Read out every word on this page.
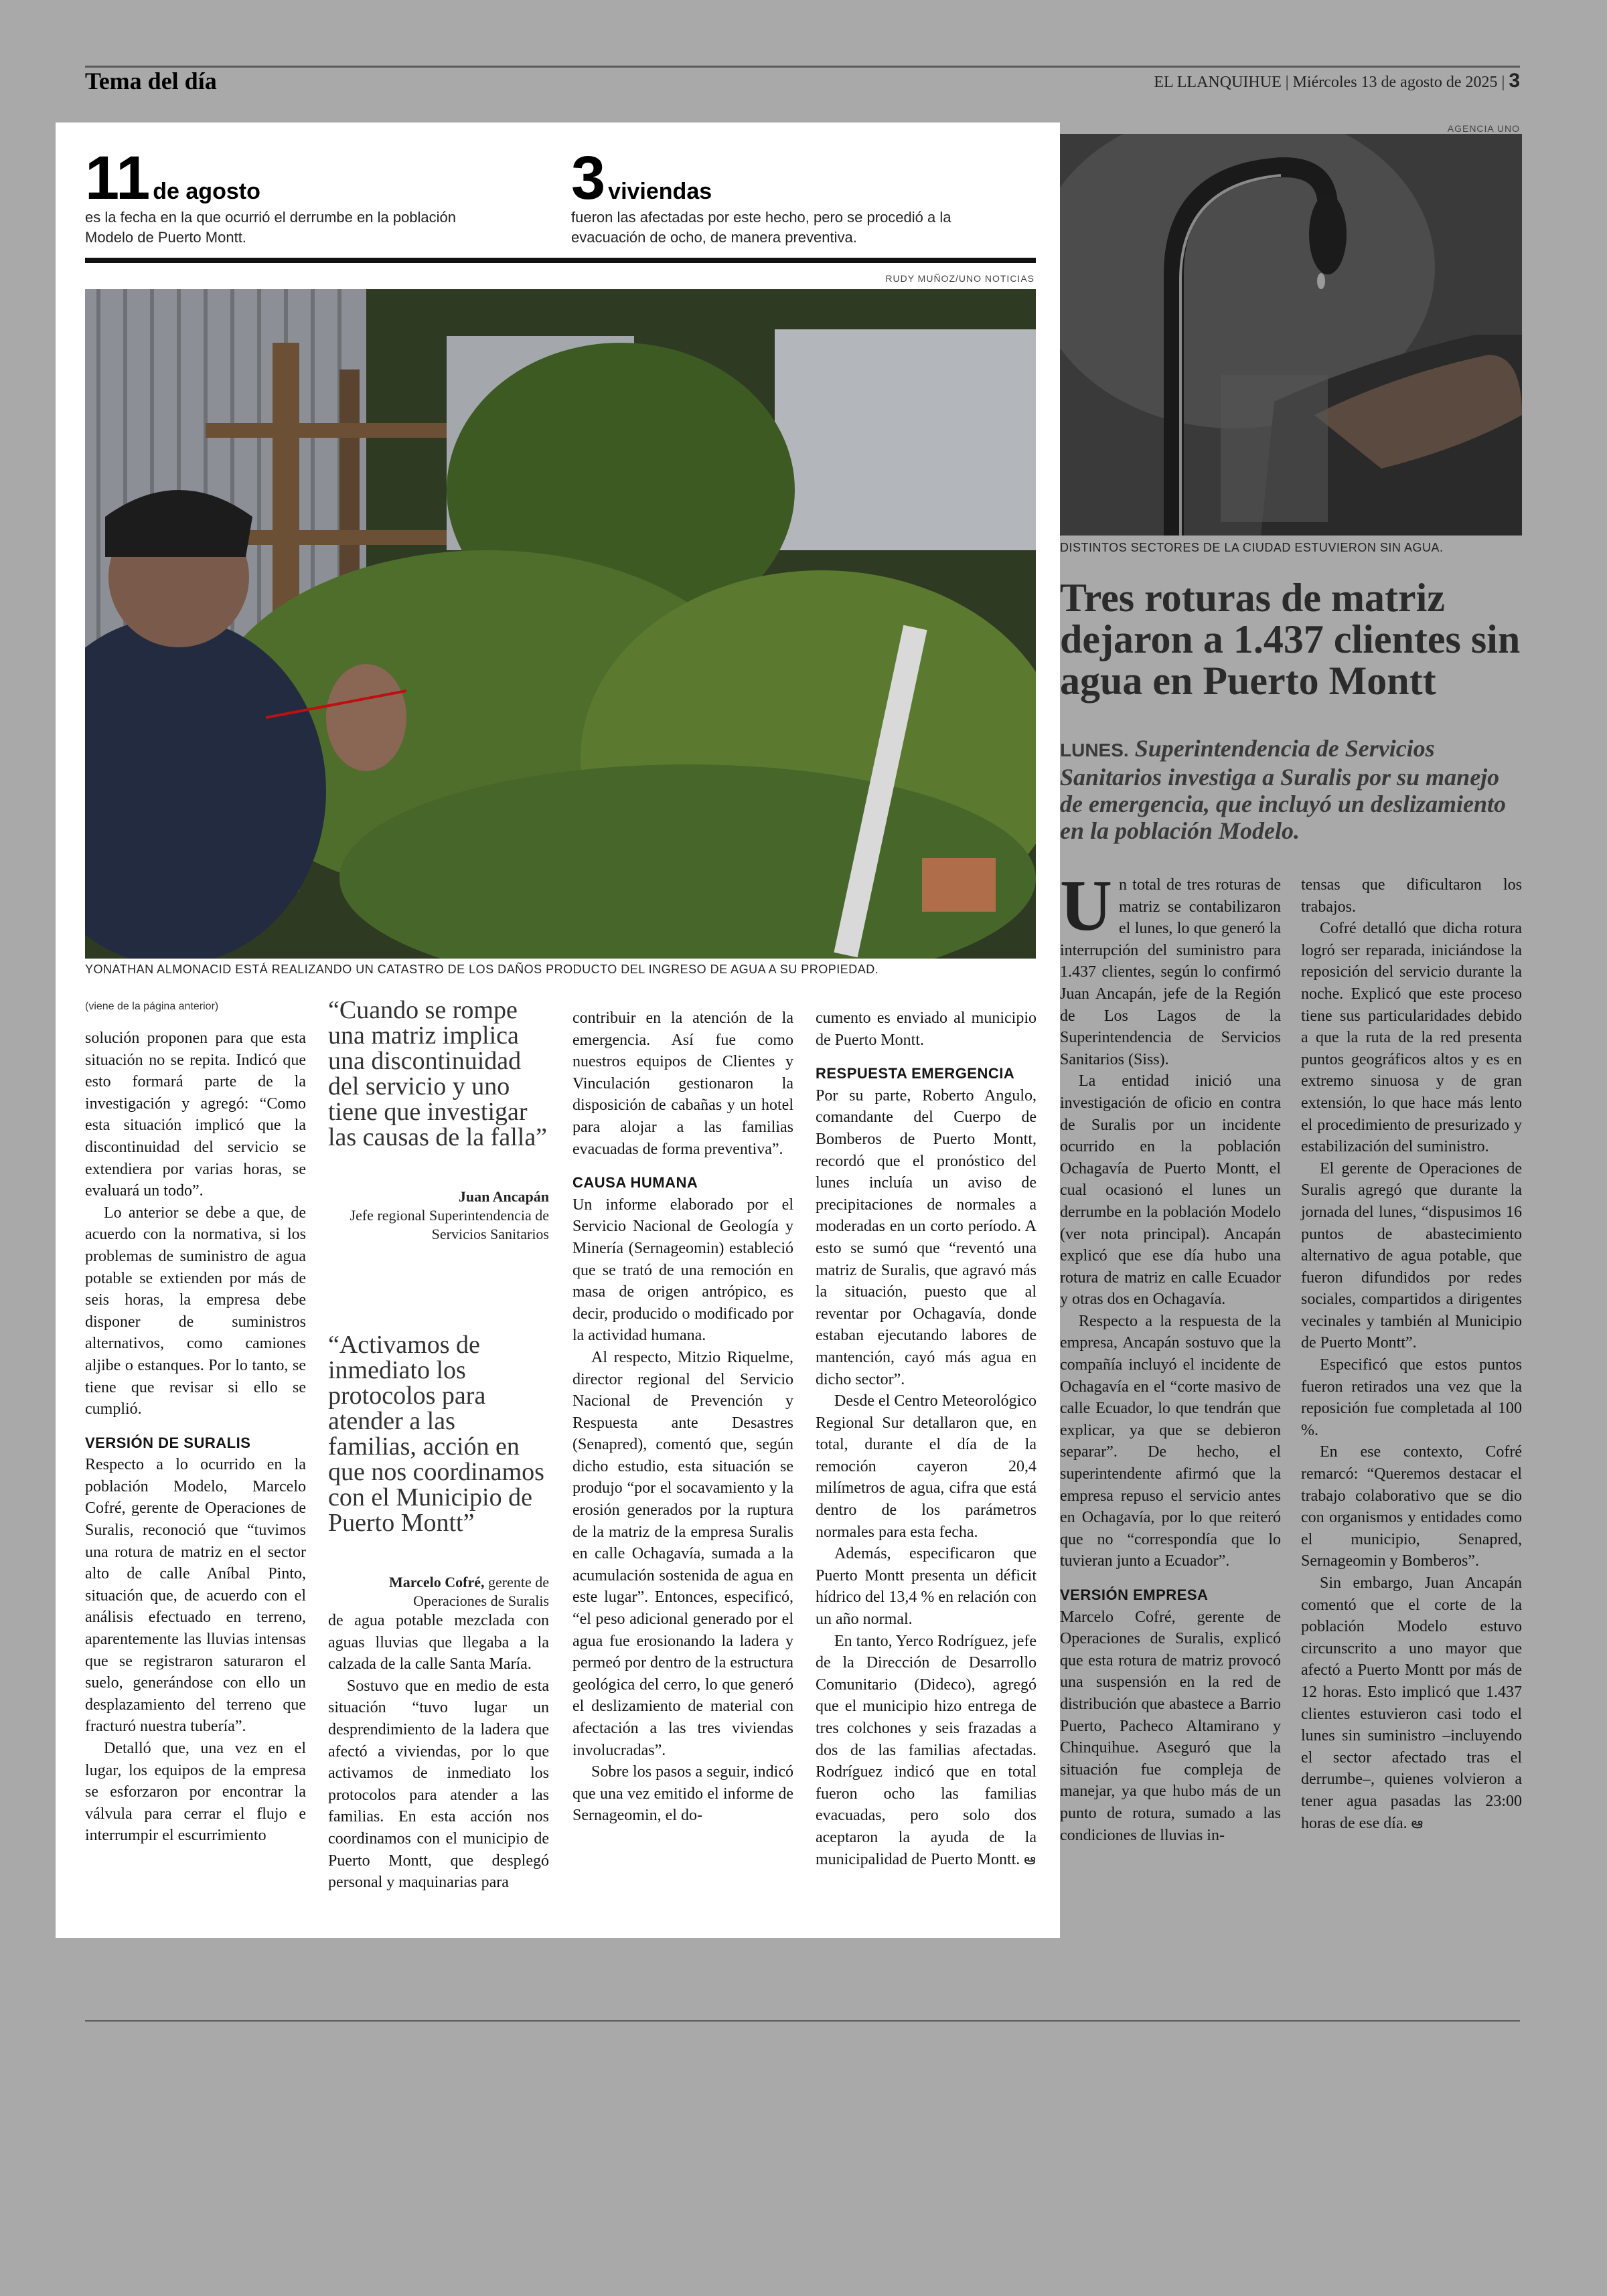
Tema del día	EL LLANQUIHUE | Miércoles 13 de agosto de 2025 | 3
11 de agosto
es la fecha en la que ocurrió el derrumbe en la población Modelo de Puerto Montt.
3 viviendas
fueron las afectadas por este hecho, pero se procedió a la evacuación de ocho, de manera preventiva.
RUDY MUÑOZ/UNO NOTICIAS
YONATHAN ALMONACID ESTÁ REALIZANDO UN CATASTRO DE LOS DAÑOS PRODUCTO DEL INGRESO DE AGUA A SU PROPIEDAD.
(viene de la página anterior)

solución proponen para que esta situación no se repita. Indicó que esto formará parte de la investigación y agregó: “Como esta situación implicó que la discontinuidad del servicio se extendiera por varias horas, se evaluará un todo”.

Lo anterior se debe a que, de acuerdo con la normativa, si los problemas de suministro de agua potable se extienden por más de seis horas, la empresa debe disponer de suministros alternativos, como camiones aljibe o estanques. Por lo tanto, se tiene que revisar si ello se cumplió.

VERSIÓN DE SURALIS

Respecto a lo ocurrido en la población Modelo, Marcelo Cofré, gerente de Operaciones de Suralis, reconoció que “tuvimos una rotura de matriz en el sector alto de calle Aníbal Pinto, situación que, de acuerdo con el análisis efectuado en terreno, aparentemente las lluvias intensas que se registraron saturaron el suelo, generándose con ello un desplazamiento del terreno que fracturó nuestra tubería”.

Detalló que, una vez en el lugar, los equipos de la empresa se esforzaron por encontrar la válvula para cerrar el flujo e interrumpir el escurrimiento

“Cuando se rompe una matriz implica una discontinuidad del servicio y uno tiene que investigar las causas de la falla”
Juan Ancapán
Jefe regional Superintendencia de Servicios Sanitarios
“Activamos de inmediato los protocolos para atender a las familias, acción en que nos coordinamos con el Municipio de Puerto Montt”
Marcelo Cofré, gerente de Operaciones de Suralis

de agua potable mezclada con aguas lluvias que llegaba a la calzada de la calle Santa María.

Sostuvo que en medio de esta situación “tuvo lugar un desprendimiento de la ladera que afectó a viviendas, por lo que activamos de inmediato los protocolos para atender a las familias. En esta acción nos coordinamos con el municipio de Puerto Montt, que desplegó personal y maquinarias para

contribuir en la atención de la emergencia. Así fue como nuestros equipos de Clientes y Vinculación gestionaron la disposición de cabañas y un hotel para alojar a las familias evacuadas de forma preventiva”.

CAUSA HUMANA

Un informe elaborado por el Servicio Nacional de Geología y Minería (Sernageomin) estableció que se trató de una remoción en masa de origen antrópico, es decir, producido o modificado por la actividad humana.

Al respecto, Mitzio Riquelme, director regional del Servicio Nacional de Prevención y Respuesta ante Desastres (Senapred), comentó que, según dicho estudio, esta situación se produjo “por el socavamiento y la erosión generados por la ruptura de la matriz de la empresa Suralis en calle Ochagavía, sumada a la acumulación sostenida de agua en este lugar”. Entonces, especificó, “el peso adicional generado por el agua fue erosionando la ladera y permeó por dentro de la estructura geológica del cerro, lo que generó el deslizamiento de material con afectación a las tres viviendas involucradas”.

Sobre los pasos a seguir, indicó que una vez emitido el informe de Sernageomin, el do-

cumento es enviado al municipio de Puerto Montt.

RESPUESTA EMERGENCIA

Por su parte, Roberto Angulo, comandante del Cuerpo de Bomberos de Puerto Montt, recordó que el pronóstico del lunes incluía un aviso de precipitaciones de normales a moderadas en un corto período. A esto se sumó que “reventó una matriz de Suralis, que agravó más la situación, puesto que al reventar por Ochagavía, donde estaban ejecutando labores de mantención, cayó más agua en dicho sector”.

Desde el Centro Meteorológico Regional Sur detallaron que, en total, durante el día de la remoción cayeron 20,4 milímetros de agua, cifra que está dentro de los parámetros normales para esta fecha.

Además, especificaron que Puerto Montt presenta un déficit hídrico del 13,4 % en relación con un año normal.

En tanto, Yerco Rodríguez, jefe de la Dirección de Desarrollo Comunitario (Dideco), agregó que el municipio hizo entrega de tres colchones y seis frazadas a dos de las familias afectadas. Rodríguez indicó que en total fueron ocho las familias evacuadas, pero solo dos aceptaron la ayuda de la municipalidad de Puerto Montt. ఆ

AGENCIA UNO
DISTINTOS SECTORES DE LA CIUDAD ESTUVIERON SIN AGUA.
Tres roturas de matriz dejaron a 1.437 clientes sin agua en Puerto Montt
LUNES. Superintendencia de Servicios Sanitarios investiga a Suralis por su manejo de emergencia, que incluyó un deslizamiento en la población Modelo.

Un total de tres roturas de matriz se contabilizaron el lunes, lo que generó la interrupción del suministro para 1.437 clientes, según lo confirmó Juan Ancapán, jefe de la Región de Los Lagos de la Superintendencia de Servicios Sanitarios (Siss).

La entidad inició una investigación de oficio en contra de Suralis por un incidente ocurrido en la población Ochagavía de Puerto Montt, el cual ocasionó el lunes un derrumbe en la población Modelo (ver nota principal). Ancapán explicó que ese día hubo una rotura de matriz en calle Ecuador y otras dos en Ochagavía.

Respecto a la respuesta de la empresa, Ancapán sostuvo que la compañía incluyó el incidente de Ochagavía en el “corte masivo de calle Ecuador, lo que tendrán que explicar, ya que se debieron separar”. De hecho, el superintendente afirmó que la empresa repuso el servicio antes en Ochagavía, por lo que reiteró que no “correspondía que lo tuvieran junto a Ecuador”.

VERSIÓN EMPRESA

Marcelo Cofré, gerente de Operaciones de Suralis, explicó que esta rotura de matriz provocó una suspensión en la red de distribución que abastece a Barrio Puerto, Pacheco Altamirano y Chinquihue. Aseguró que la situación fue compleja de manejar, ya que hubo más de un punto de rotura, sumado a las condiciones de lluvias in-

tensas que dificultaron los trabajos.

Cofré detalló que dicha rotura logró ser reparada, iniciándose la reposición del servicio durante la noche. Explicó que este proceso tiene sus particularidades debido a que la ruta de la red presenta puntos geográficos altos y es en extremo sinuosa y de gran extensión, lo que hace más lento el procedimiento de presurizado y estabilización del suministro.

El gerente de Operaciones de Suralis agregó que durante la jornada del lunes, “dispusimos 16 puntos de abastecimiento alternativo de agua potable, que fueron difundidos por redes sociales, compartidos a dirigentes vecinales y también al Municipio de Puerto Montt”.

Especificó que estos puntos fueron retirados una vez que la reposición fue completada al 100 %.

En ese contexto, Cofré remarcó: “Queremos destacar el trabajo colaborativo que se dio con organismos y entidades como el municipio, Senapred, Sernageomin y Bomberos”.

Sin embargo, Juan Ancapán comentó que el corte de la población Modelo estuvo circunscrito a uno mayor que afectó a Puerto Montt por más de 12 horas. Esto implicó que 1.437 clientes estuvieron casi todo el lunes sin suministro –incluyendo el sector afectado tras el derrumbe–, quienes volvieron a tener agua pasadas las 23:00 horas de ese día. ఆ
